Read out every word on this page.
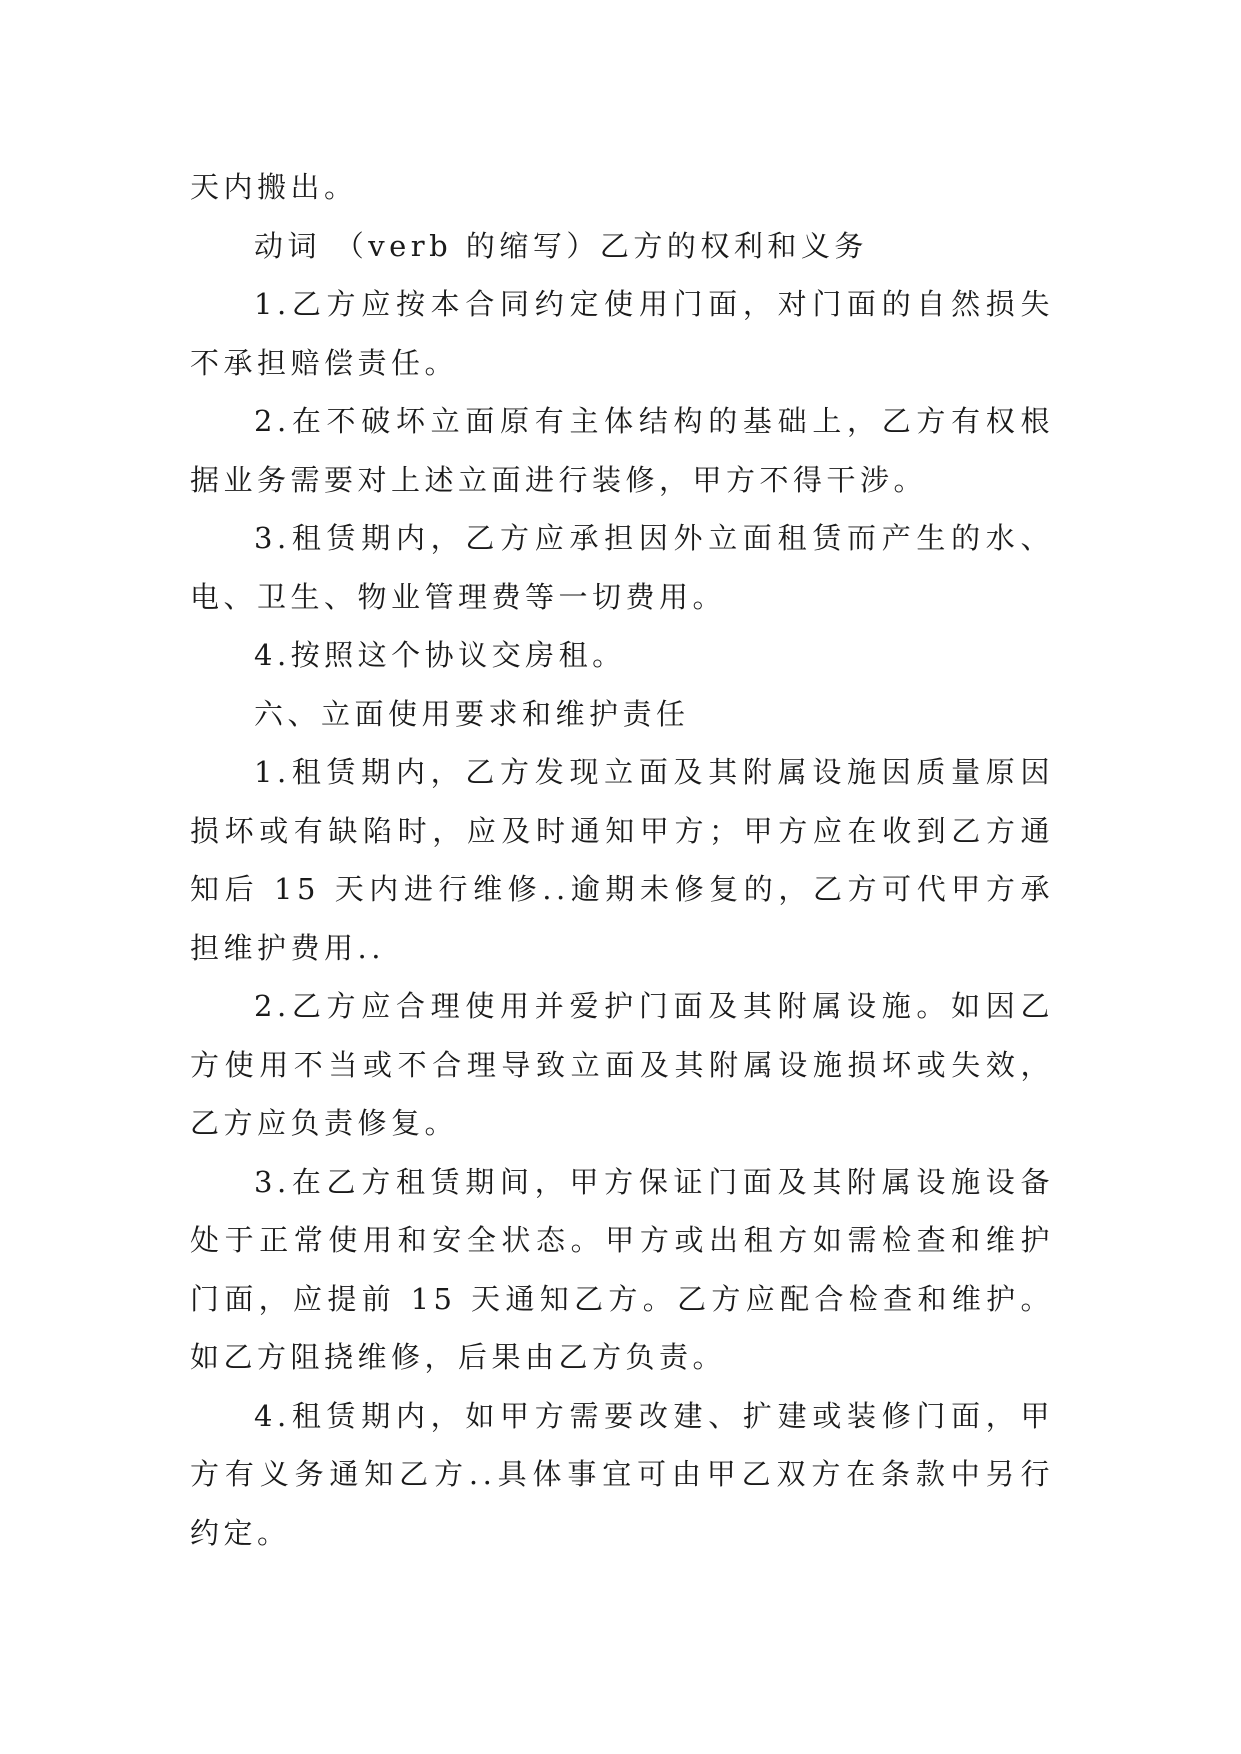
天内搬出。

动词 （verb 的缩写）乙方的权利和义务

1.乙方应按本合同约定使用门面，对门面的自然损失不承担赔偿责任。

2.在不破坏立面原有主体结构的基础上，乙方有权根据业务需要对上述立面进行装修，甲方不得干涉。

3.租赁期内，乙方应承担因外立面租赁而产生的水、电、卫生、物业管理费等一切费用。

4.按照这个协议交房租。

六、立面使用要求和维护责任

1.租赁期内，乙方发现立面及其附属设施因质量原因损坏或有缺陷时，应及时通知甲方；甲方应在收到乙方通知后 15 天内进行维修..逾期未修复的，乙方可代甲方承担维护费用..

2.乙方应合理使用并爱护门面及其附属设施。如因乙方使用不当或不合理导致立面及其附属设施损坏或失效，乙方应负责修复。

3.在乙方租赁期间，甲方保证门面及其附属设施设备处于正常使用和安全状态。甲方或出租方如需检查和维护门面，应提前 15 天通知乙方。乙方应配合检查和维护。如乙方阻挠维修，后果由乙方负责。

4.租赁期内，如甲方需要改建、扩建或装修门面，甲方有义务通知乙方..具体事宜可由甲乙双方在条款中另行约定。
